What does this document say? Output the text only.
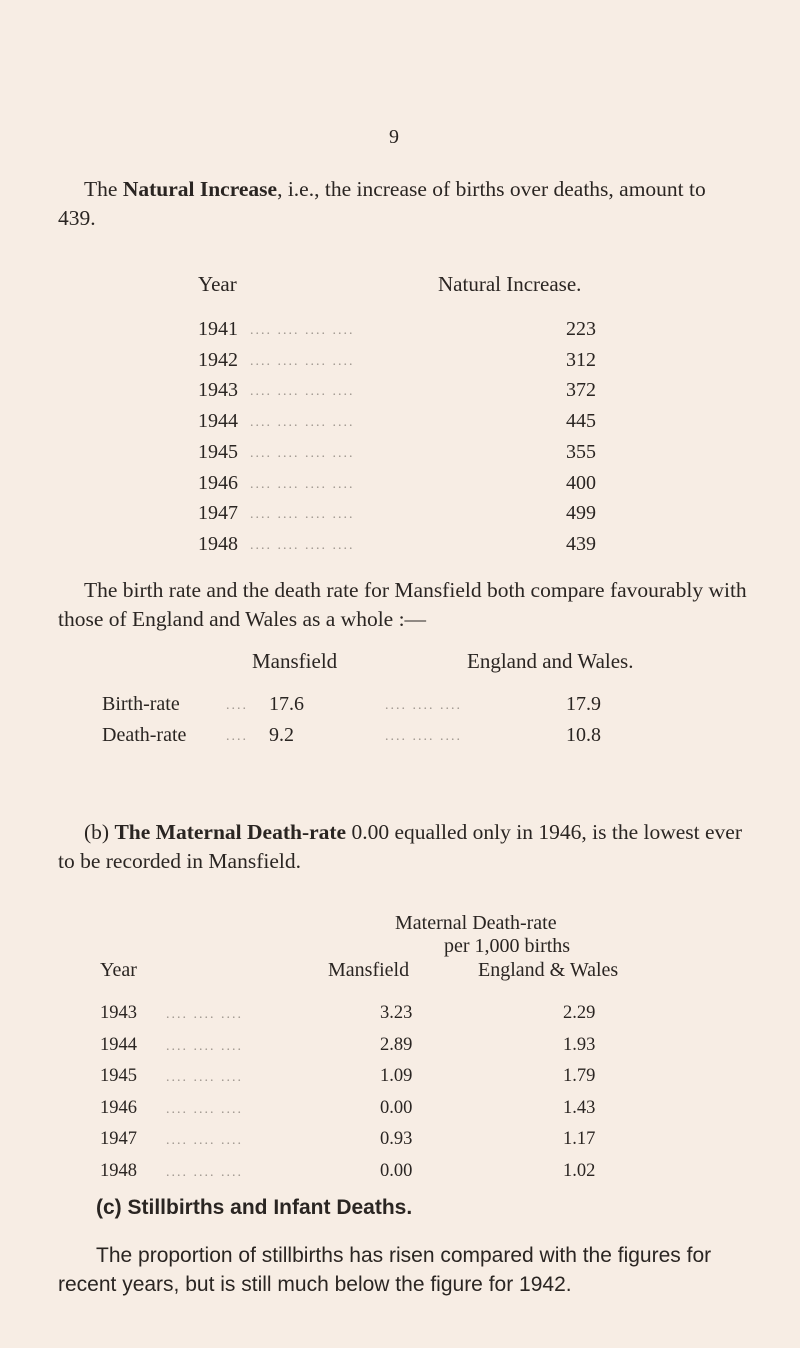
9
The Natural Increase, i.e., the increase of births over deaths, amount to 439.
Year	Natural Increase.
1941 .... .... .... ....	223
1942 .... .... .... ....	312
1943 .... .... .... ....	372
1944 .... .... .... ....	445
1945 .... .... .... ....	355
1946 .... .... .... ....	400
1947 .... .... .... ....	499
1948 .... .... .... ....	439
The birth rate and the death rate for Mansfield both compare favourably with those of England and Wales as a whole :—
Mansfield	England and Wales.
Birth-rate	.... 17.6	.... .... ....	17.9
Death-rate	.... 9.2	.... .... ....	10.8
(b) The Maternal Death-rate 0.00 equalled only in 1946, is the lowest ever to be recorded in Mansfield.
Maternal Death-rate
per 1,000 births
Year	Mansfield	England & Wales
1943 .... .... ....	3.23	2.29
1944 .... .... ....	2.89	1.93
1945 .... .... ....	1.09	1.79
1946 .... .... ....	0.00	1.43
1947 .... .... ....	0.93	1.17
1948 .... .... ....	0.00	1.02
(c) Stillbirths and Infant Deaths.
The proportion of stillbirths has risen compared with the figures for recent years, but is still much below the figure for 1942.
